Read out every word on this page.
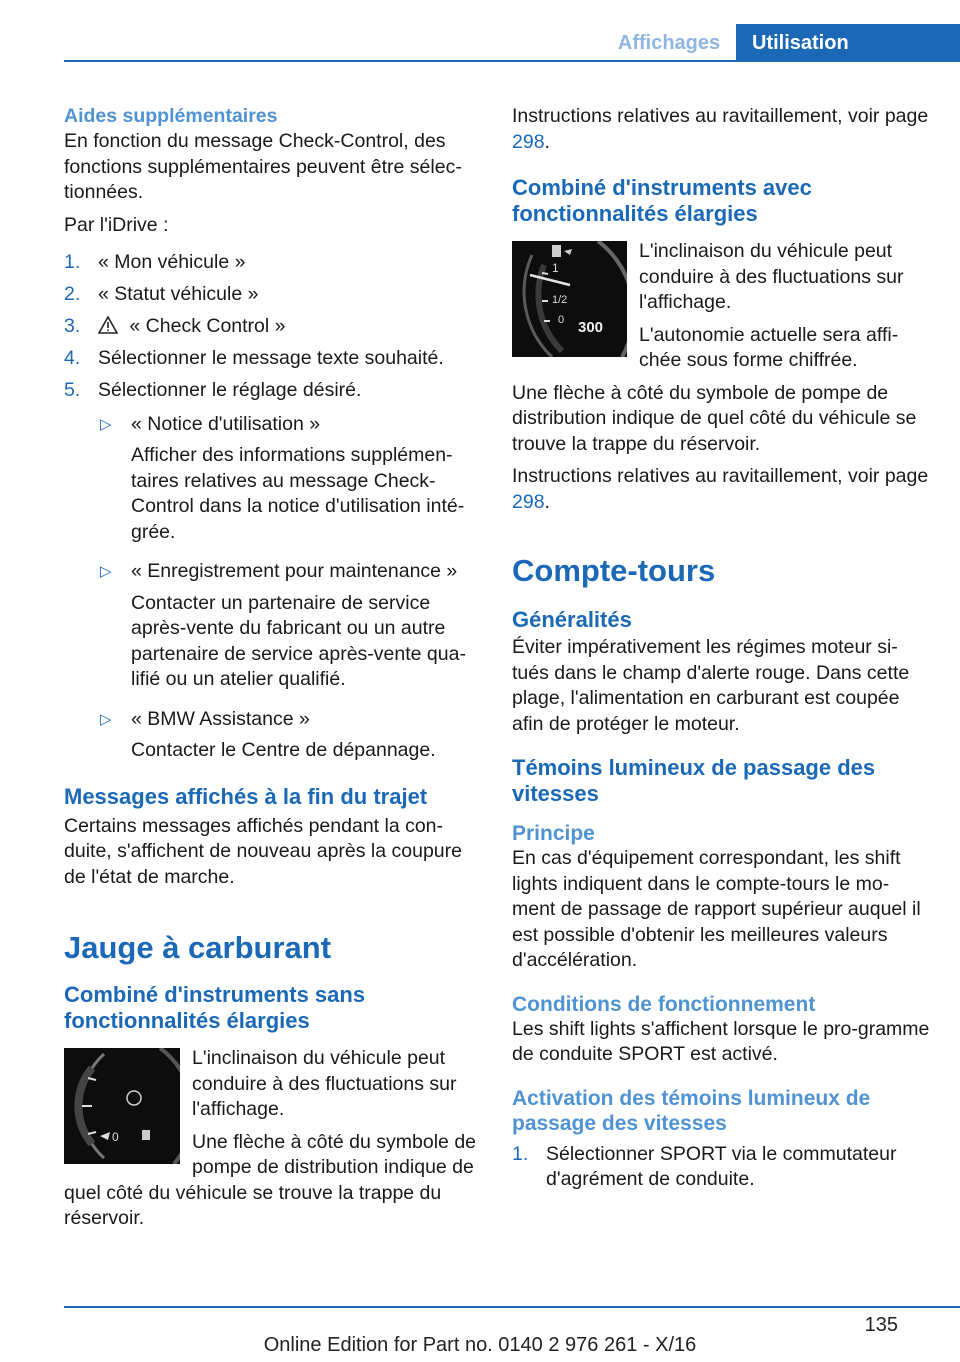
Affichages	Utilisation
Aides supplémentaires

En fonction du message Check-Control, des fonctions supplémentaires peuvent être sélec‐tionnées.

Par l'iDrive :

1. « Mon véhicule »
2. « Statut véhicule »
3. « Check Control »
4. Sélectionner le message texte souhaité.
5. Sélectionner le réglage désiré.
▷ « Notice d'utilisation »
Afficher des informations supplémen‐taires relatives au message Check-Control dans la notice d'utilisation inté‐grée.
▷ « Enregistrement pour maintenance »
Contacter un partenaire de service après-vente du fabricant ou un autre partenaire de service après-vente qua‐lifié ou un atelier qualifié.
▷ « BMW Assistance »
Contacter le Centre de dépannage.
Messages affichés à la fin du trajet

Certains messages affichés pendant la con‐duite, s'affichent de nouveau après la coupure de l'état de marche.

Jauge à carburant
Combiné d'instruments sans fonctionnalités élargies
0

L'inclinaison du véhicule peut conduire à des fluctuations sur l'affichage.

Une flèche à côté du symbole de pompe de distribution indique de quel côté du véhicule se trouve la trappe du réservoir.

Instructions relatives au ravitaillement, voir page 298.

Combiné d'instruments avec fonctionnalités élargies
1
1/2
0 300

L'inclinaison du véhicule peut conduire à des fluctuations sur l'affichage.

L'autonomie actuelle sera affi‐chée sous forme chiffrée.

Une flèche à côté du symbole de pompe de distribution indique de quel côté du véhicule se trouve la trappe du réservoir.

Instructions relatives au ravitaillement, voir page 298.

Compte-tours
Généralités

Éviter impérativement les régimes moteur si‐tués dans le champ d'alerte rouge. Dans cette plage, l'alimentation en carburant est coupée afin de protéger le moteur.

Témoins lumineux de passage des vitesses
Principe

En cas d'équipement correspondant, les shift lights indiquent dans le compte-tours le mo‐ment de passage de rapport supérieur auquel il est possible d'obtenir les meilleures valeurs d'accélération.

Conditions de fonctionnement

Les shift lights s'affichent lorsque le pro‐gramme de conduite SPORT est activé.

Activation des témoins lumineux de passage des vitesses
1. Sélectionner SPORT via le commutateur d'agrément de conduite.
135
Online Edition for Part no. 0140 2 976 261 - X/16
